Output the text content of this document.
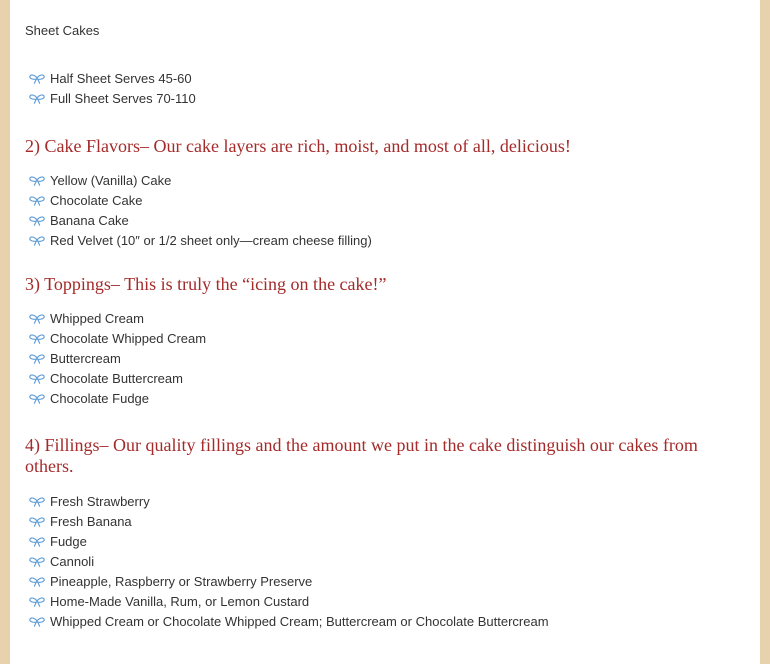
Sheet Cakes

Half Sheet Serves 45-60
Full Sheet Serves 70-110
2) Cake Flavors– Our cake layers are rich, moist, and most of all, delicious!
Yellow (Vanilla) Cake
Chocolate Cake
Banana Cake
Red Velvet (10″ or 1/2 sheet only—cream cheese filling)
3) Toppings– This is truly the “icing on the cake!”
Whipped Cream
Chocolate Whipped Cream
Buttercream
Chocolate Buttercream
Chocolate Fudge
4) Fillings– Our quality fillings and the amount we put in the cake distinguish our cakes from others.
Fresh Strawberry
Fresh Banana
Fudge
Cannoli
Pineapple, Raspberry or Strawberry Preserve
Home-Made Vanilla, Rum, or Lemon Custard
Whipped Cream or Chocolate Whipped Cream; Buttercream or Chocolate Buttercream
